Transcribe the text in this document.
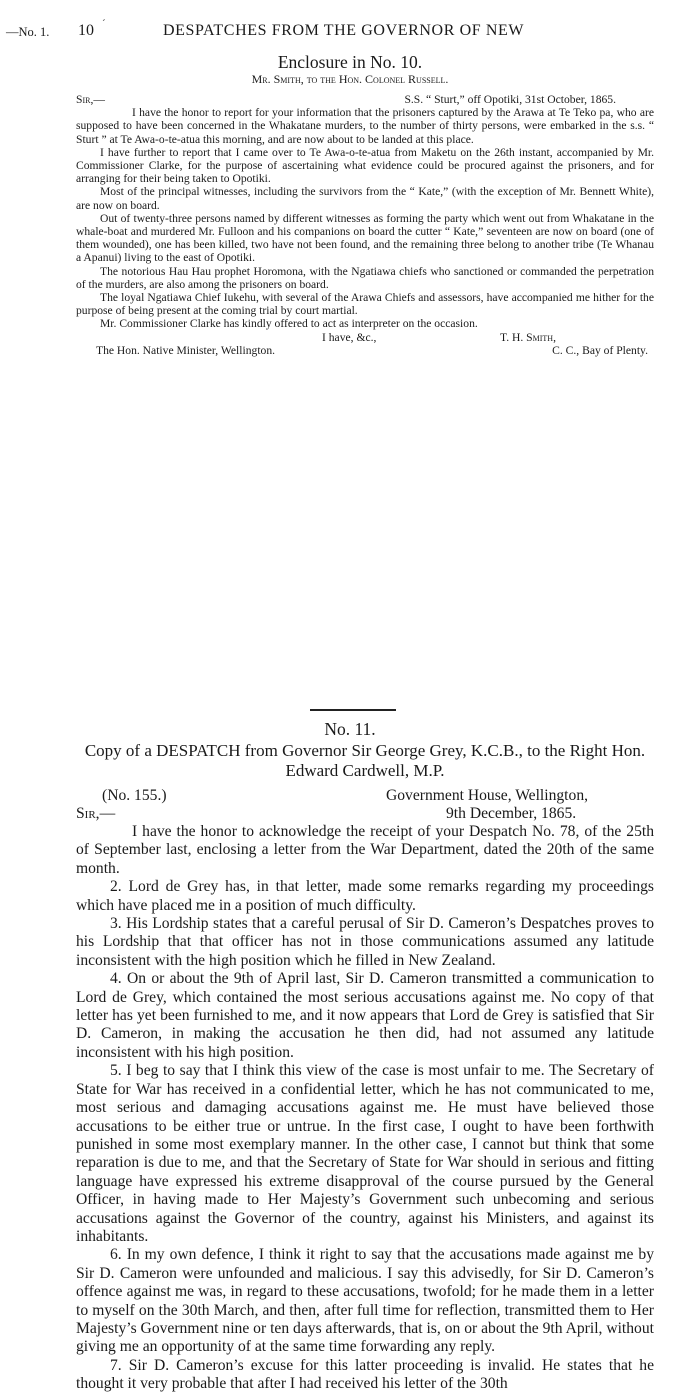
—No. 1. 10 ´	DESPATCHES FROM THE GOVERNOR OF NEW
Enclosure in No. 10.
Mr. Smith, to the Hon. Colonel Russell.
Sir,—	S.S. “ Sturt,” off Opotiki, 31st October, 1865.

I have the honor to report for your information that the prisoners captured by the Arawa at Te Teko pa, who are supposed to have been concerned in the Whakatane murders, to the number of thirty persons, were embarked in the s.s. “ Sturt ” at Te Awa-o-te-atua this morning, and are now about to be landed at this place.

I have further to report that I came over to Te Awa-o-te-atua from Maketu on the 26th instant, accompanied by Mr. Commissioner Clarke, for the purpose of ascertaining what evidence could be procured against the prisoners, and for arranging for their being taken to Opotiki.

Most of the principal witnesses, including the survivors from the “ Kate,” (with the exception of Mr. Bennett White), are now on board.

Out of twenty-three persons named by different witnesses as forming the party which went out from Whakatane in the whale-boat and murdered Mr. Fulloon and his companions on board the cutter “ Kate,” seventeen are now on board (one of them wounded), one has been killed, two have not been found, and the remaining three belong to another tribe (Te Whanau a Apanui) living to the east of Opotiki.

The notorious Hau Hau prophet Horomona, with the Ngatiawa chiefs who sanctioned or commanded the perpetration of the murders, are also among the prisoners on board.

The loyal Ngatiawa Chief Iukehu, with several of the Arawa Chiefs and assessors, have accompanied me hither for the purpose of being present at the coming trial by court martial.

Mr. Commissioner Clarke has kindly offered to act as interpreter on the occasion.

I have, &c.,	T. H. Smith,
The Hon. Native Minister, Wellington.	C. C., Bay of Plenty.
No. 11.
Copy of a DESPATCH from Governor Sir George Grey, K.C.B., to the Right Hon. Edward Cardwell, M.P.
(No. 155.)	Government House, Wellington,
Sir,—	9th December, 1865.

I have the honor to acknowledge the receipt of your Despatch No. 78, of the 25th of September last, enclosing a letter from the War Department, dated the 20th of the same month.

2. Lord de Grey has, in that letter, made some remarks regarding my proceedings which have placed me in a position of much difficulty.

3. His Lordship states that a careful perusal of Sir D. Cameron’s Despatches proves to his Lordship that that officer has not in those communications assumed any latitude inconsistent with the high position which he filled in New Zealand.

4. On or about the 9th of April last, Sir D. Cameron transmitted a communication to Lord de Grey, which contained the most serious accusations against me. No copy of that letter has yet been furnished to me, and it now appears that Lord de Grey is satisfied that Sir D. Cameron, in making the accusation he then did, had not assumed any latitude inconsistent with his high position.

5. I beg to say that I think this view of the case is most unfair to me. The Secretary of State for War has received in a confidential letter, which he has not communicated to me, most serious and damaging accusations against me. He must have believed those accusations to be either true or untrue. In the first case, I ought to have been forthwith punished in some most exemplary manner. In the other case, I cannot but think that some reparation is due to me, and that the Secretary of State for War should in serious and fitting language have expressed his extreme disapproval of the course pursued by the General Officer, in having made to Her Majesty’s Government such unbecoming and serious accusations against the Governor of the country, against his Ministers, and against its inhabitants.

6. In my own defence, I think it right to say that the accusations made against me by Sir D. Cameron were unfounded and malicious. I say this advisedly, for Sir D. Cameron’s offence against me was, in regard to these accusations, twofold; for he made them in a letter to myself on the 30th March, and then, after full time for reflection, transmitted them to Her Majesty’s Government nine or ten days afterwards, that is, on or about the 9th April, without giving me an opportunity of at the same time forwarding any reply.

7. Sir D. Cameron’s excuse for this latter proceeding is invalid. He states that he thought it very probable that after I had received his letter of the 30th
